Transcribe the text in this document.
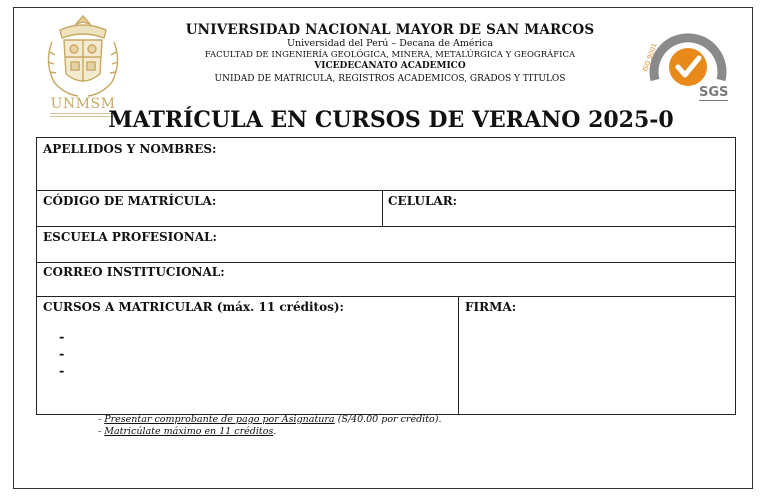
UNMSM
UNIVERSIDAD NACIONAL MAYOR DE SAN MARCOS
Universidad del Perú – Decana de América
FACULTAD DE INGENIERÍA GEOLÓGICA, MINERA, METALÚRGICA Y GEOGRÁFICA
VICEDECANATO ACADEMICO
UNIDAD DE MATRICULA, REGISTROS ACADEMICOS, GRADOS Y TITULOS
ISO 9001
SGS
MATRÍCULA EN CURSOS DE VERANO 2025-0
APELLIDOS Y NOMBRES:
CÓDIGO DE MATRÍCULA:	CELULAR:
ESCUELA PROFESIONAL:
CORREO INSTITUCIONAL:
CURSOS A MATRICULAR (máx. 11 créditos):	FIRMA:
-
-
-
- Presentar comprobante de pago por Asignatura (S/40.00 por crédito).
- Matricúlate máximo en 11 créditos.
